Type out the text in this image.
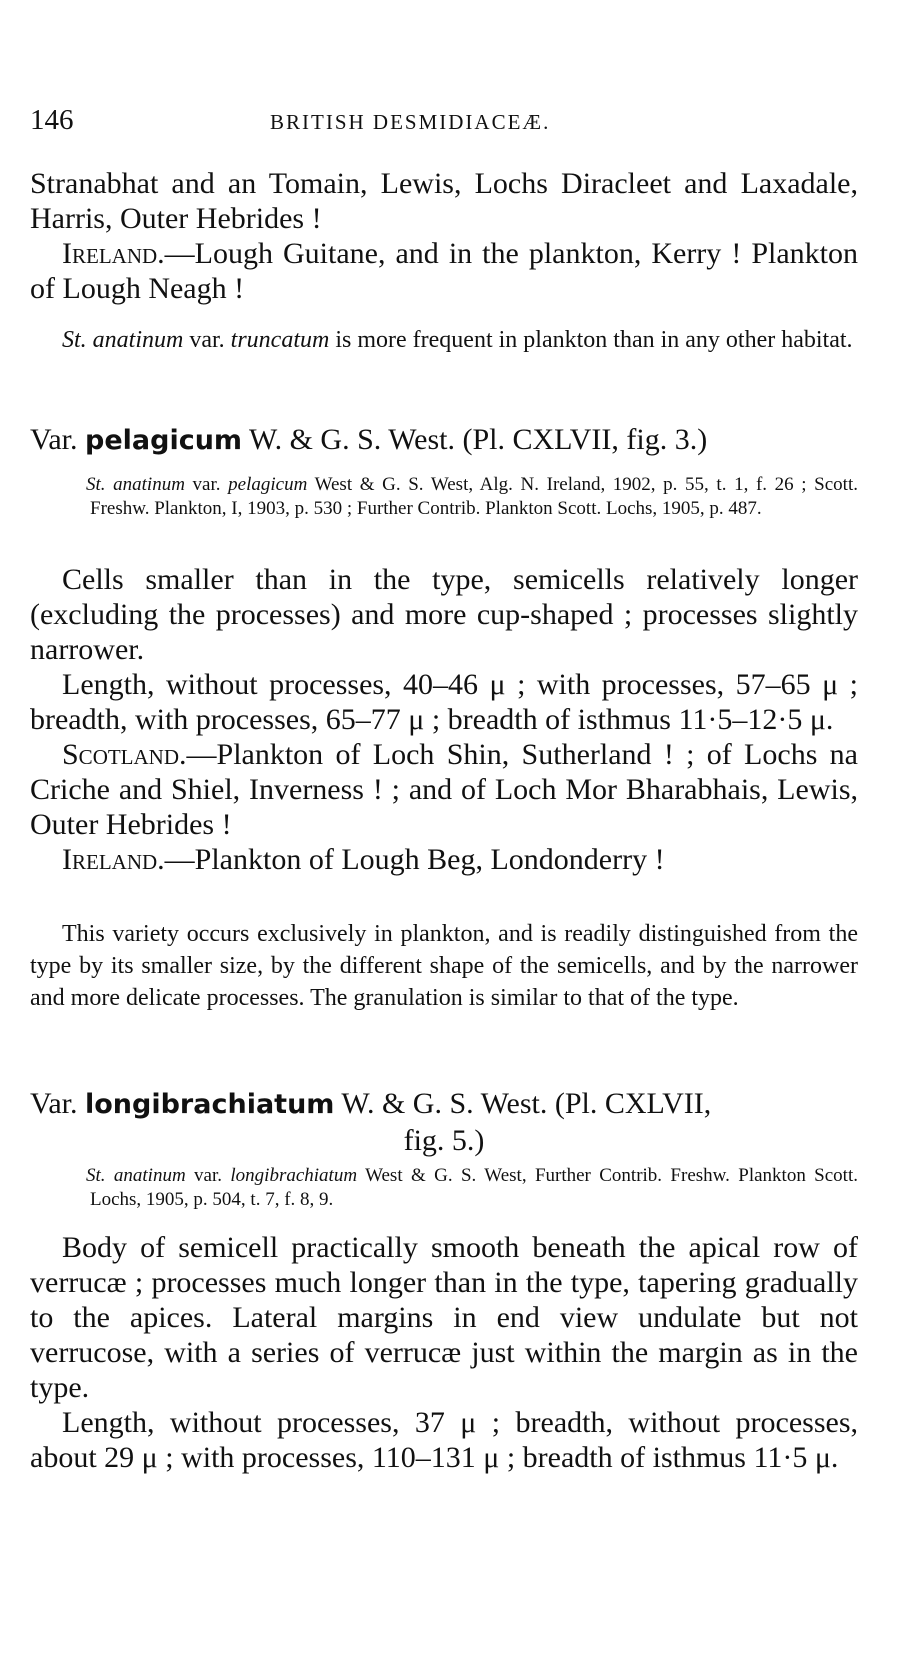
146	BRITISH DESMIDIACEÆ.

Stranabhat and an Tomain, Lewis, Lochs Diracleet and Laxadale, Harris, Outer Hebrides !

Ireland.—Lough Guitane, and in the plankton, Kerry ! Plankton of Lough Neagh !

St. anatinum var. truncatum is more frequent in plankton than in any other habitat.

Var. pelagicum W. & G. S. West. (Pl. CXLVII, fig. 3.)

St. anatinum var. pelagicum West & G. S. West, Alg. N. Ireland, 1902, p. 55, t. 1, f. 26 ; Scott. Freshw. Plankton, I, 1903, p. 530 ; Further Contrib. Plankton Scott. Lochs, 1905, p. 487.

Cells smaller than in the type, semicells relatively longer (excluding the processes) and more cup-shaped ; processes slightly narrower.

Length, without processes, 40–46 μ ; with processes, 57–65 μ ; breadth, with processes, 65–77 μ ; breadth of isthmus 11·5–12·5 μ.

Scotland.—Plankton of Loch Shin, Sutherland ! ; of Lochs na Criche and Shiel, Inverness ! ; and of Loch Mor Bharabhais, Lewis, Outer Hebrides !

Ireland.—Plankton of Lough Beg, Londonderry !

This variety occurs exclusively in plankton, and is readily distinguished from the type by its smaller size, by the different shape of the semicells, and by the narrower and more delicate processes. The granulation is similar to that of the type.

Var. longibrachiatum W. & G. S. West. (Pl. CXLVII,
fig. 5.)

St. anatinum var. longibrachiatum West & G. S. West, Further Contrib. Freshw. Plankton Scott. Lochs, 1905, p. 504, t. 7, f. 8, 9.

Body of semicell practically smooth beneath the apical row of verrucæ ; processes much longer than in the type, tapering gradually to the apices. Lateral margins in end view undulate but not verrucose, with a series of verrucæ just within the margin as in the type.

Length, without processes, 37 μ ; breadth, without processes, about 29 μ ; with processes, 110–131 μ ; breadth of isthmus 11·5 μ.
